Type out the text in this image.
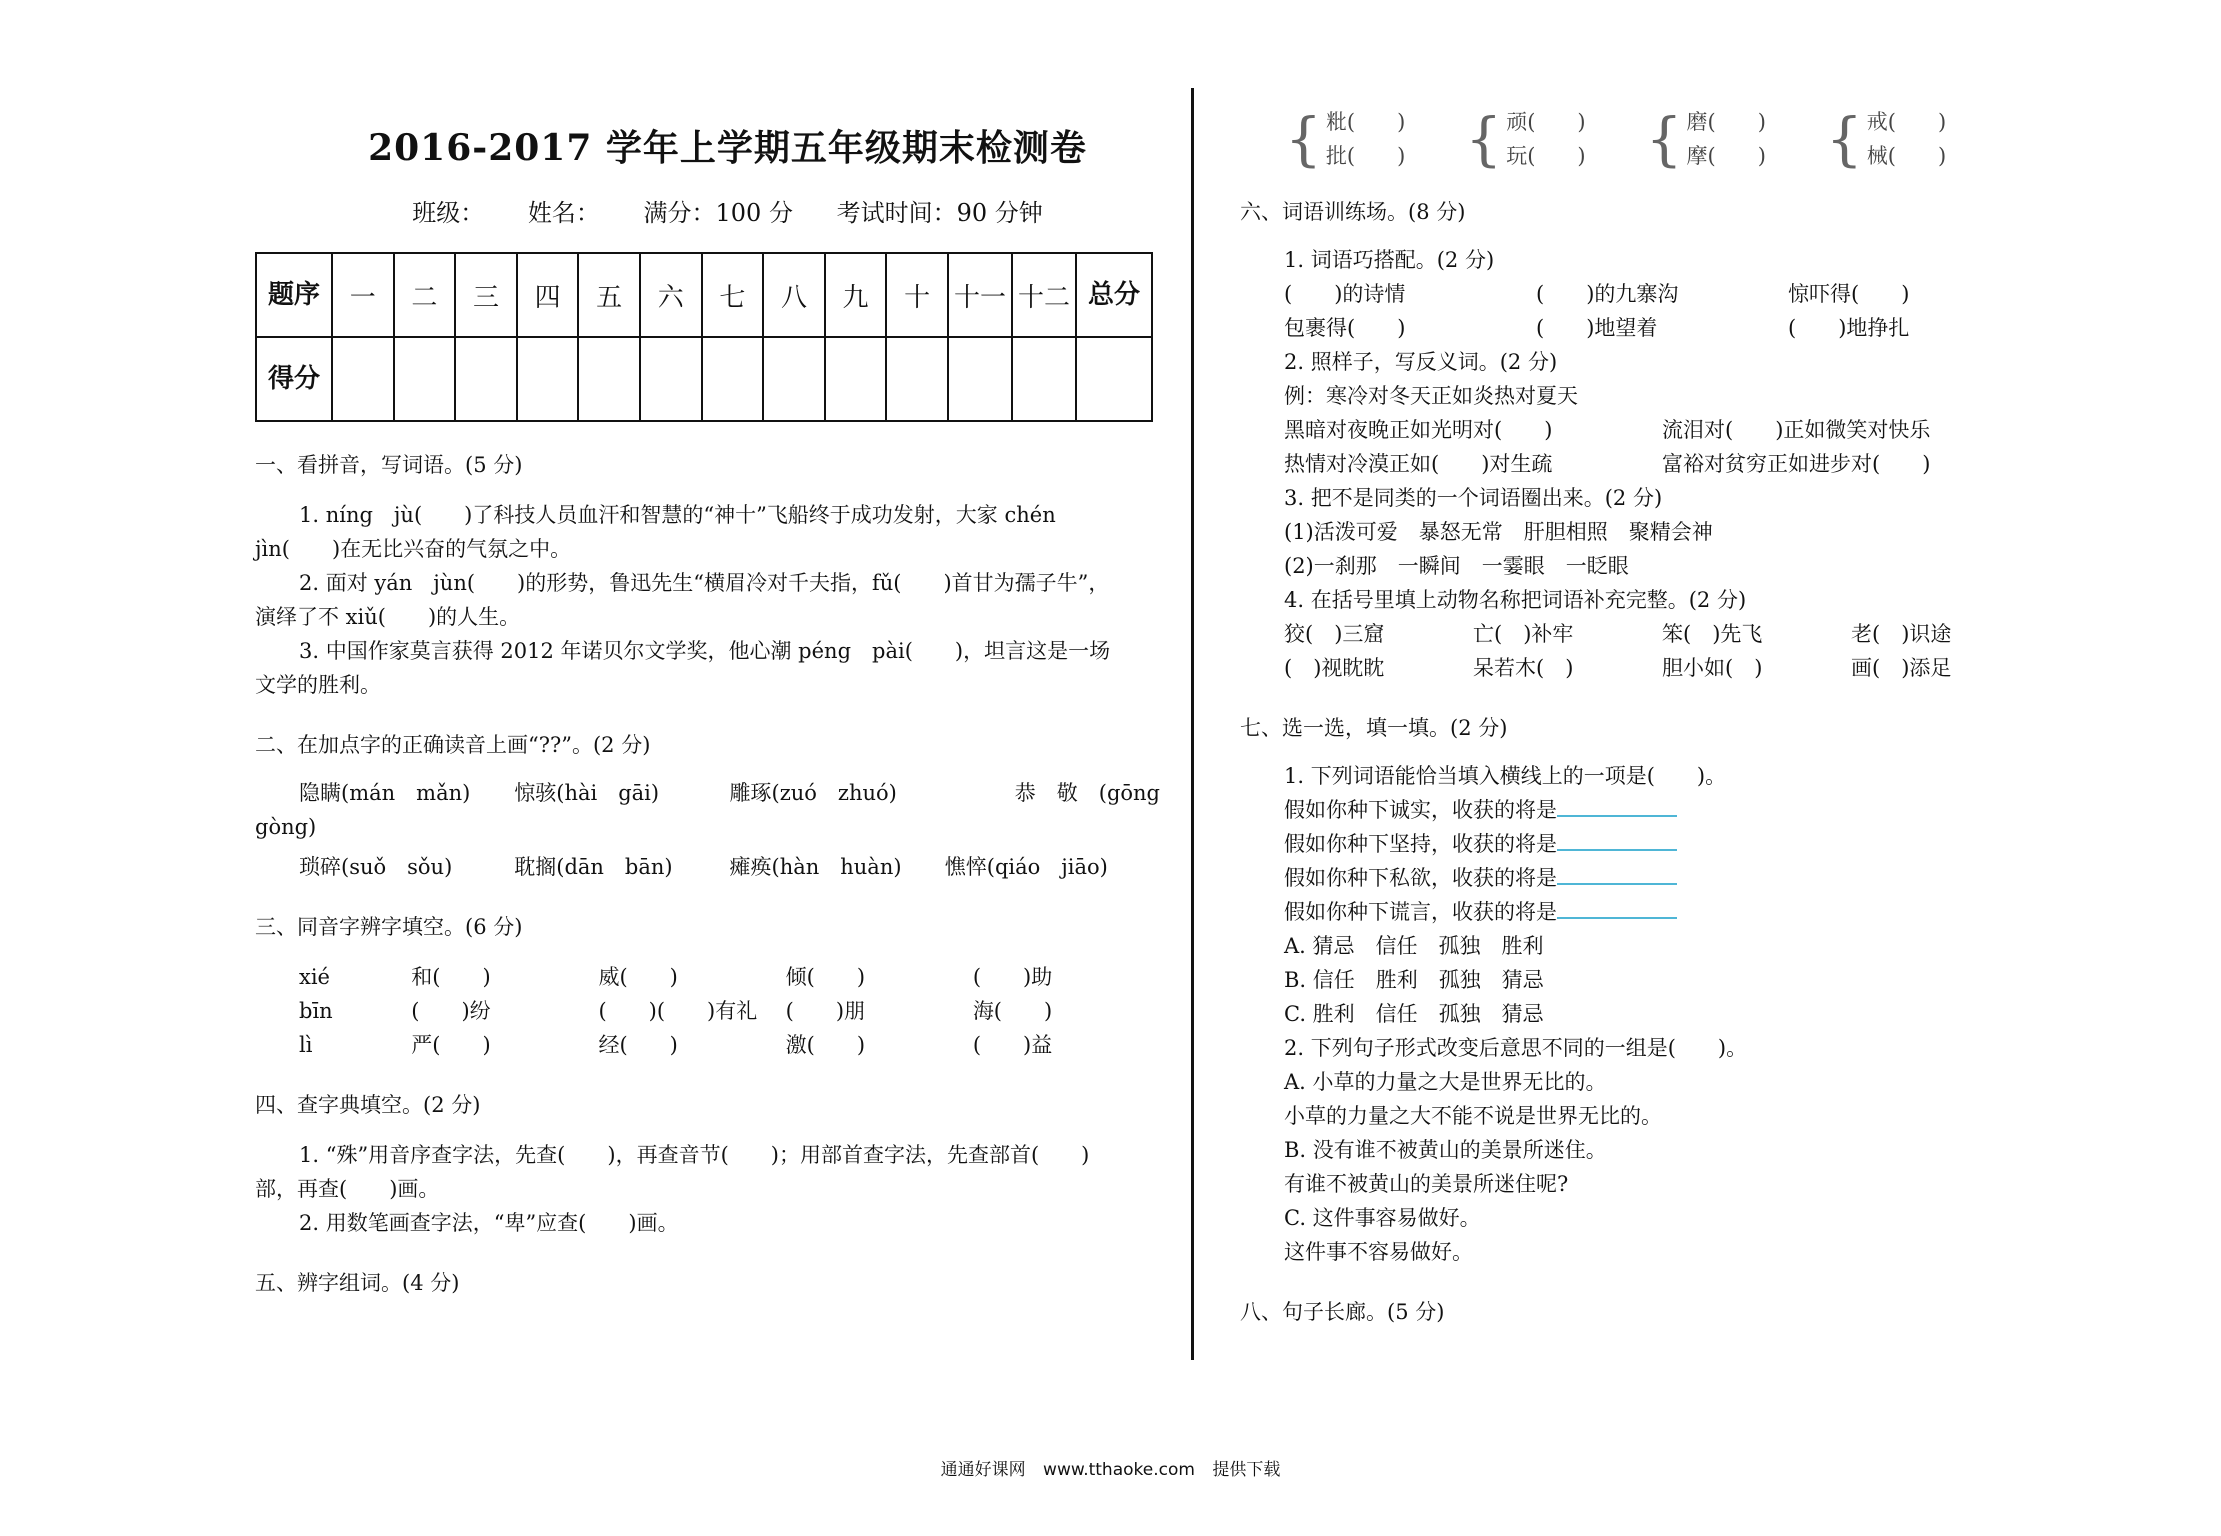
2016-2017 学年上学期五年级期末检测卷
班级： 姓名： 满分：100 分 考试时间：90 分钟
题序	一	二	三	四	五	六	七	八	九	十	十一	十二	总分
得分													
一、看拼音，写词语。(5 分)
1. níng　jù(　　)了科技人员血汗和智慧的“神十”飞船终于成功发射，大家 chén
jìn(　　)在无比兴奋的气氛之中。
2. 面对 yán　jùn(　　)的形势，鲁迅先生“横眉冷对千夫指，fǔ(　　)首甘为孺子牛”，
演绎了不 xiǔ(　　)的人生。
3. 中国作家莫言获得 2012 年诺贝尔文学奖，他心潮 péng　pài(　　)，坦言这是一场
文学的胜利。
二、在加点字的正确读音上画“??”。(2 分)
隐瞒(mán　mǎn)	惊骇(hài　gāi)	雕琢(zuó　zhuó)	恭　敬　(gōng
gòng)
琐碎(suǒ　sǒu)	耽搁(dān　bān)	瘫痪(hàn　huàn)	憔悴(qiáo　jiāo)
三、同音字辨字填空。(6 分)
xié	和(　　)	威(　　)	倾(　　)	(　　)助
bīn	(　　)纷	(　　)(　　)有礼	(　　)朋	海(　　)
lì	严(　　)	经(　　)	激(　　)	(　　)益
四、查字典填空。(2 分)
1. “殊”用音序查字法，先查(　　)，再查音节(　　)；用部首查字法，先查部首(　　)
部，再查(　　)画。
2. 用数笔画查字法，“卑”应查(　　)画。
五、辨字组词。(4 分)
{ 粃(　　)
批(　　) { 顽(　　)
玩(　　) { 磨(　　)
摩(　　) { 戒(　　)
械(　　)
六、词语训练场。(8 分)
1. 词语巧搭配。(2 分)
(　　)的诗情	(　　)的九寨沟	惊吓得(　　)
包裹得(　　)	(　　)地望着	(　　)地挣扎
2. 照样子，写反义词。(2 分)
例：寒冷对冬天正如炎热对夏天
黑暗对夜晚正如光明对(　　)	流泪对(　　)正如微笑对快乐
热情对冷漠正如(　　)对生疏	富裕对贫穷正如进步对(　　)
3. 把不是同类的一个词语圈出来。(2 分)
(1)活泼可爱　暴怒无常　肝胆相照　聚精会神
(2)一刹那　一瞬间　一霎眼　一眨眼
4. 在括号里填上动物名称把词语补充完整。(2 分)
狡(　)三窟	亡(　)补牢	笨(　)先飞	老(　)识途
(　)视眈眈	呆若木(　)	胆小如(　)	画(　)添足
七、选一选，填一填。(2 分)
1. 下列词语能恰当填入横线上的一项是(　　)。
假如你种下诚实，收获的将是
假如你种下坚持，收获的将是
假如你种下私欲，收获的将是
假如你种下谎言，收获的将是
A. 猜忌　信任　孤独　胜利
B. 信任　胜利　孤独　猜忌
C. 胜利　信任　孤独　猜忌
2. 下列句子形式改变后意思不同的一组是(　　)。
A. 小草的力量之大是世界无比的。
小草的力量之大不能不说是世界无比的。
B. 没有谁不被黄山的美景所迷住。
有谁不被黄山的美景所迷住呢?
C. 这件事容易做好。
这件事不容易做好。
八、句子长廊。(5 分)
通通好课网 www.tthaoke.com 提供下载
